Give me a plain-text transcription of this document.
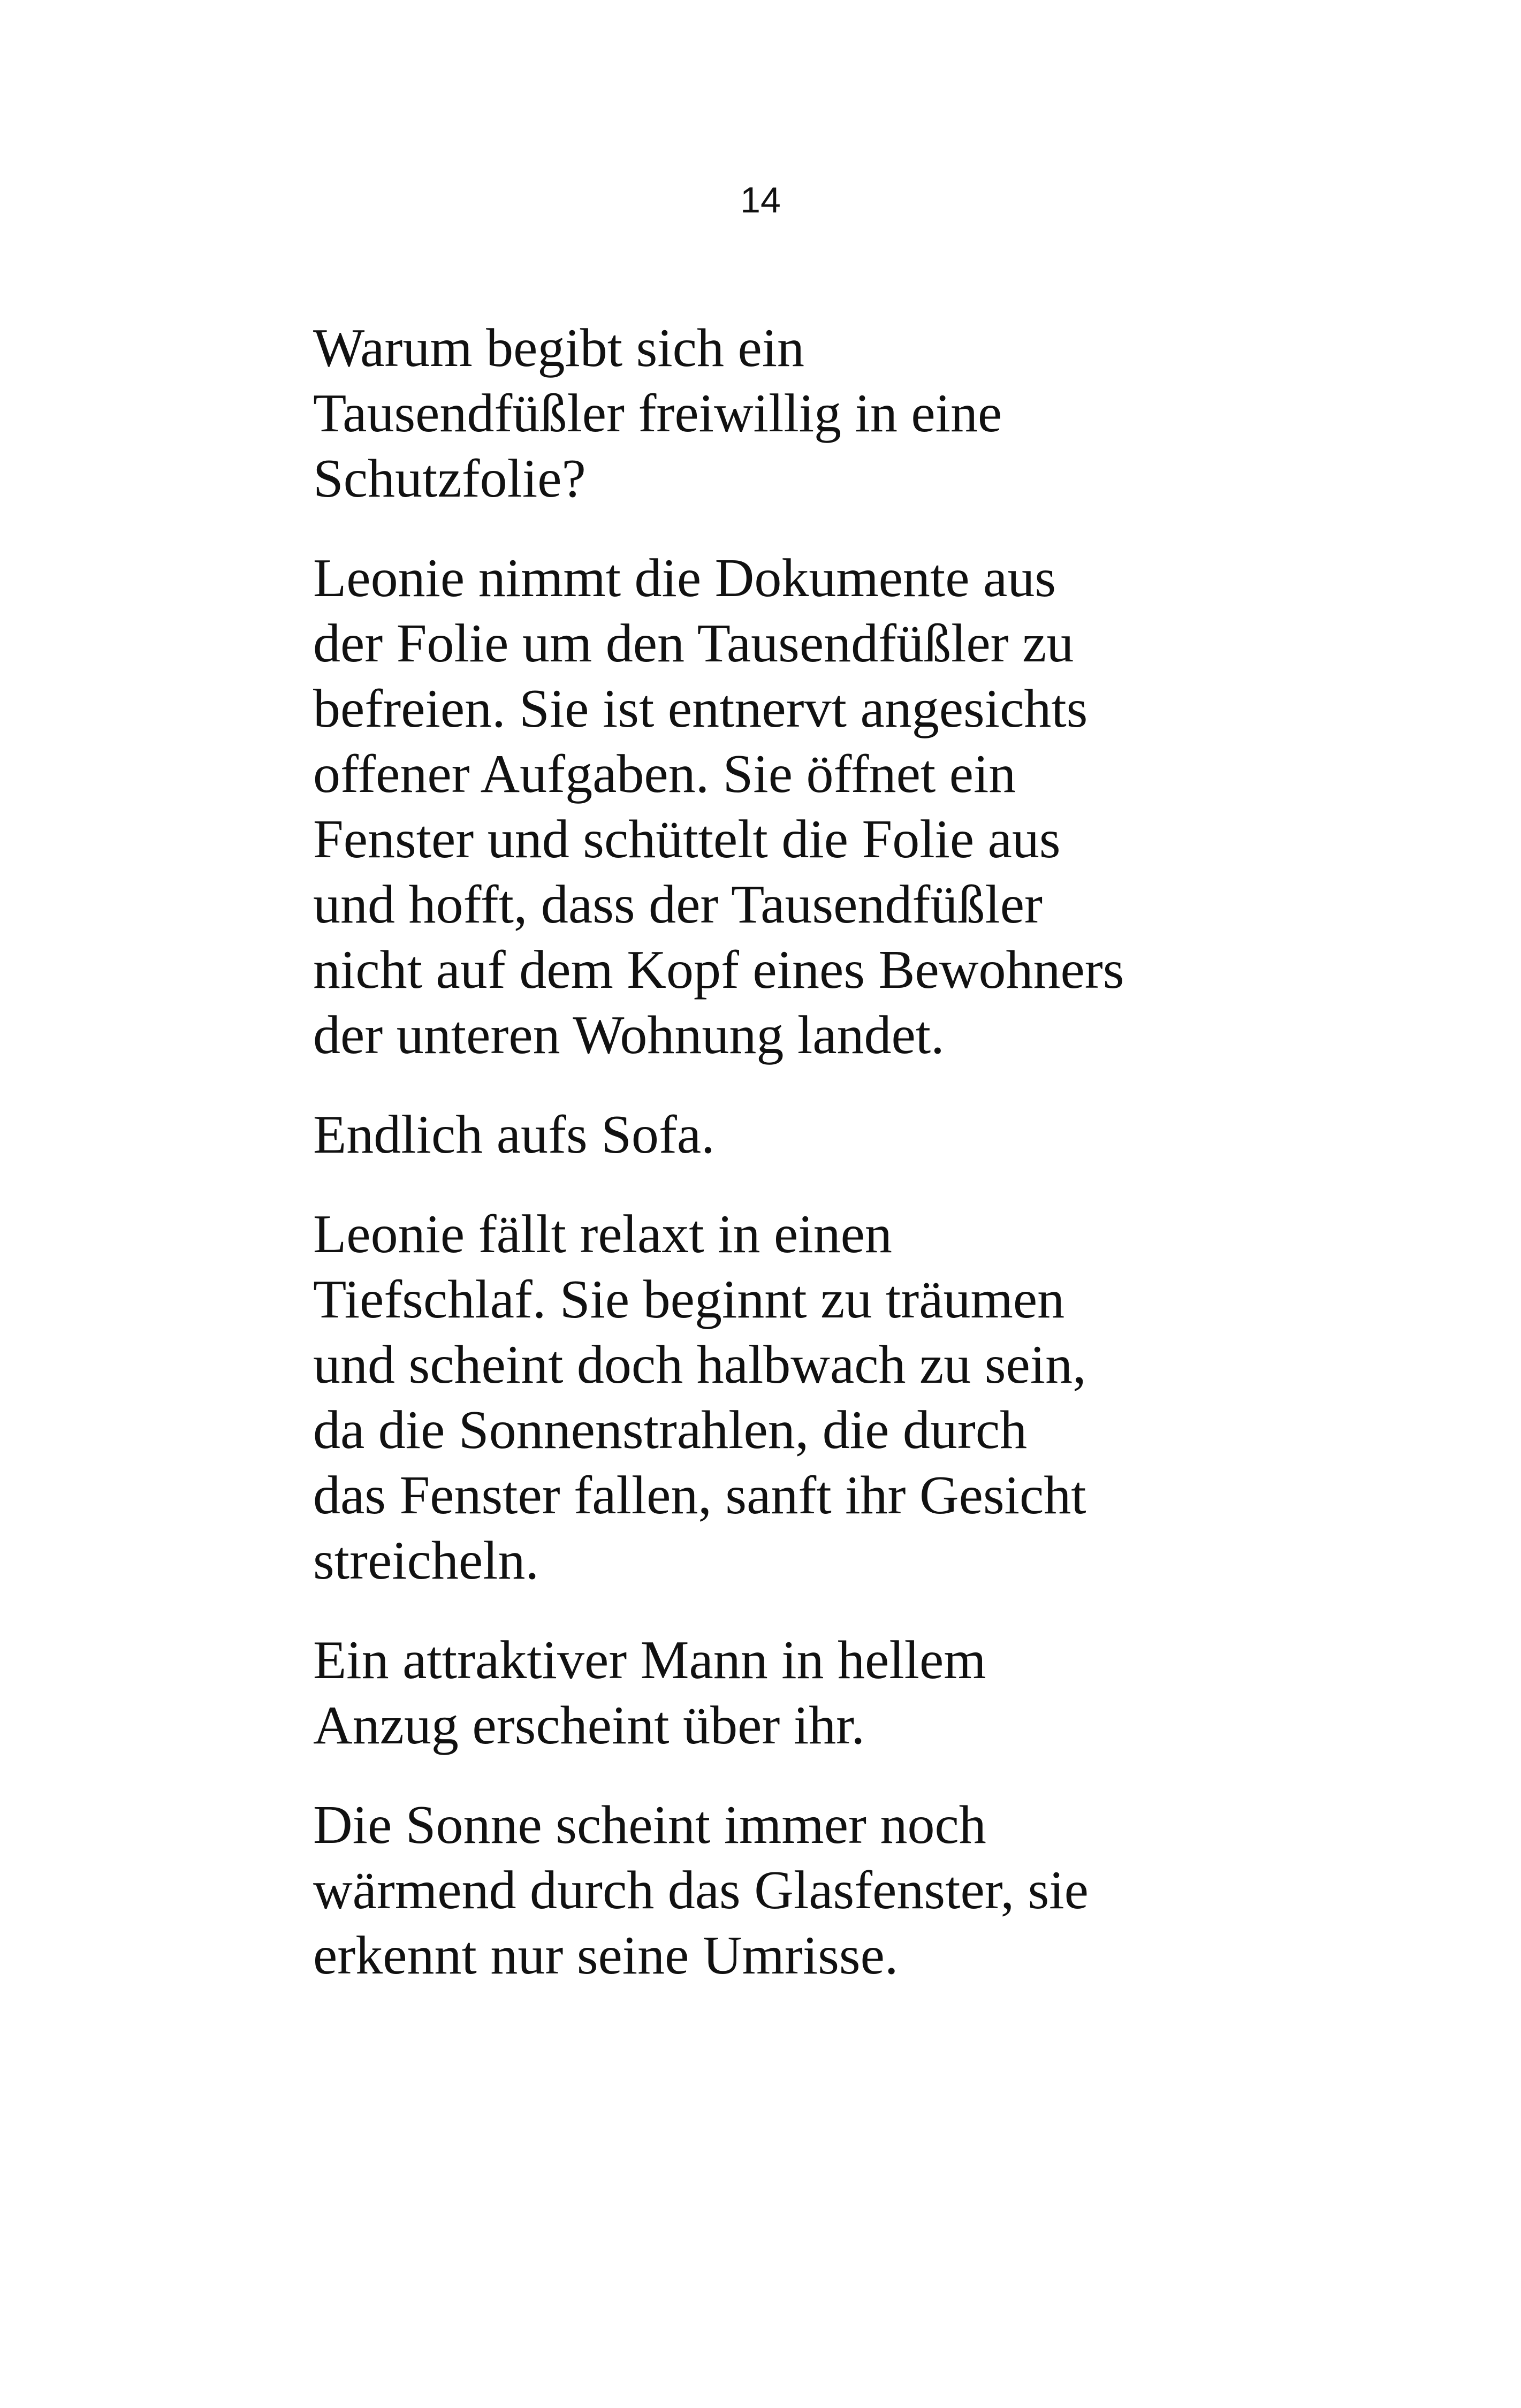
14

Warum begibt sich ein
Tausendfüßler freiwillig in eine
Schutzfolie?

Leonie nimmt die Dokumente aus
der Folie um den Tausendfüßler zu
befreien. Sie ist entnervt angesichts
offener Aufgaben. Sie öffnet ein
Fenster und schüttelt die Folie aus
und hofft, dass der Tausendfüßler
nicht auf dem Kopf eines Bewohners
der unteren Wohnung landet.

Endlich aufs Sofa.

Leonie fällt relaxt in einen
Tiefschlaf. Sie beginnt zu träumen
und scheint doch halbwach zu sein,
da die Sonnenstrahlen, die durch
das Fenster fallen, sanft ihr Gesicht
streicheln.

Ein attraktiver Mann in hellem
Anzug erscheint über ihr.

Die Sonne scheint immer noch
wärmend durch das Glasfenster, sie
erkennt nur seine Umrisse.
